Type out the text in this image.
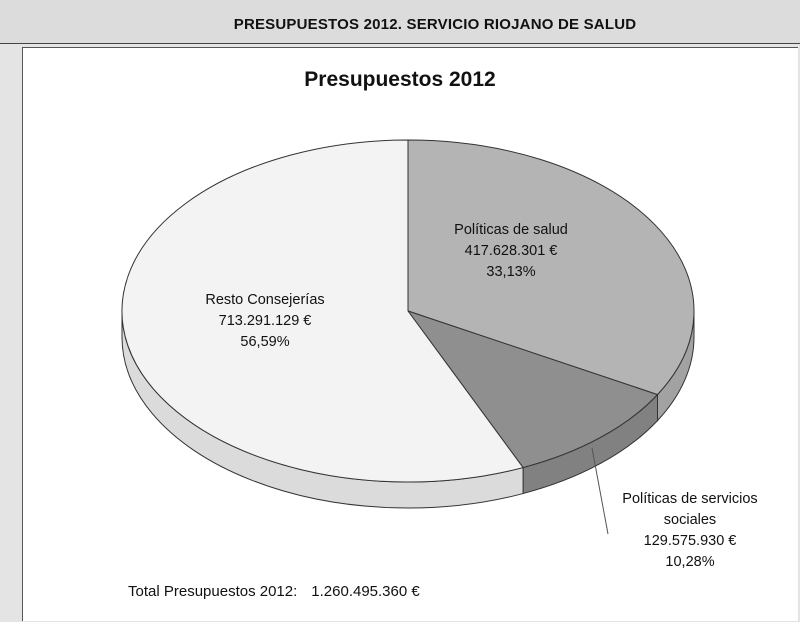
PRESUPUESTOS 2012. SERVICIO RIOJANO DE SALUD
Presupuestos 2012
Políticas de salud
417.628.301 €
33,13%
Resto Consejerías
713.291.129 €
56,59%
Políticas de servicios
sociales
129.575.930 €
10,28%
Total Presupuestos 2012: 1.260.495.360 €
